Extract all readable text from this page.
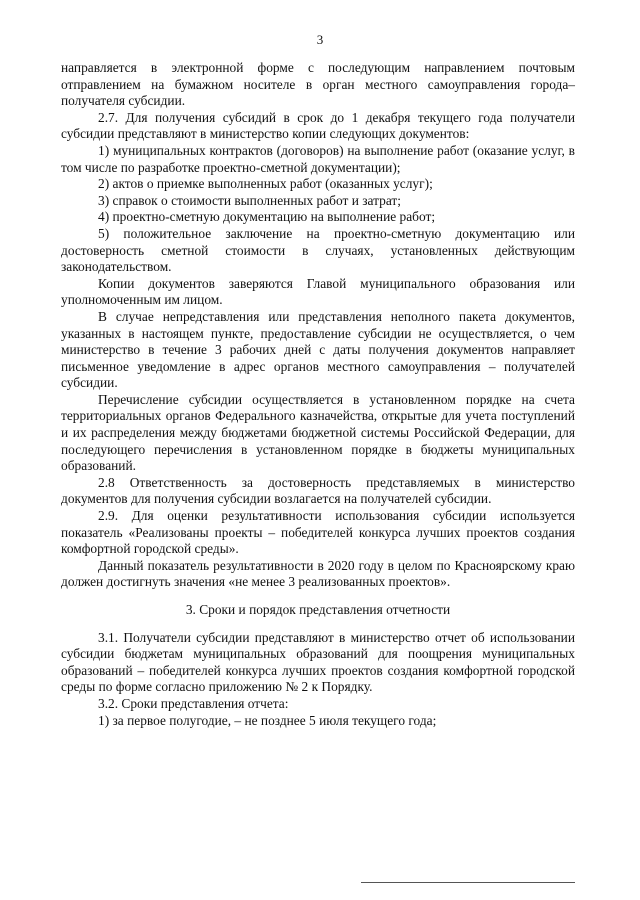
3

направляется в электронной форме с последующим направлением почтовым отправлением на бумажном носителе в орган местного самоуправления города–получателя субсидии.

2.7. Для получения субсидий в срок до 1 декабря текущего года получатели субсидии представляют в министерство копии следующих документов:

1) муниципальных контрактов (договоров) на выполнение работ (оказание услуг, в том числе по разработке проектно-сметной документации);

2) актов о приемке выполненных работ (оказанных услуг);

3) справок о стоимости выполненных работ и затрат;

4) проектно-сметную документацию на выполнение работ;

5) положительное заключение на проектно-сметную документацию или достоверность сметной стоимости в случаях, установленных действующим законодательством.

Копии документов заверяются Главой муниципального образования или уполномоченным им лицом.

В случае непредставления или представления неполного пакета документов, указанных в настоящем пункте, предоставление субсидии не осуществляется, о чем министерство в течение 3 рабочих дней с даты получения документов направляет письменное уведомление в адрес органов местного самоуправления – получателей субсидии.

Перечисление субсидии осуществляется в установленном порядке на счета территориальных органов Федерального казначейства, открытые для учета поступлений и их распределения между бюджетами бюджетной системы Российской Федерации, для последующего перечисления в установленном порядке в бюджеты муниципальных образований.

2.8 Ответственность за достоверность представляемых в министерство документов для получения субсидии возлагается на получателей субсидии.

2.9. Для оценки результативности использования субсидии используется показатель «Реализованы проекты – победителей конкурса лучших проектов создания комфортной городской среды».

Данный показатель результативности в 2020 году в целом по Красноярскому краю должен достигнуть значения «не менее 3 реализованных проектов».

3. Сроки и порядок представления отчетности

3.1. Получатели субсидии представляют в министерство отчет об использовании субсидии бюджетам муниципальных образований для поощрения муниципальных образований – победителей конкурса лучших проектов создания комфортной городской среды по форме согласно приложению № 2 к Порядку.

3.2. Сроки представления отчета:

1) за первое полугодие, – не позднее 5 июля текущего года;
